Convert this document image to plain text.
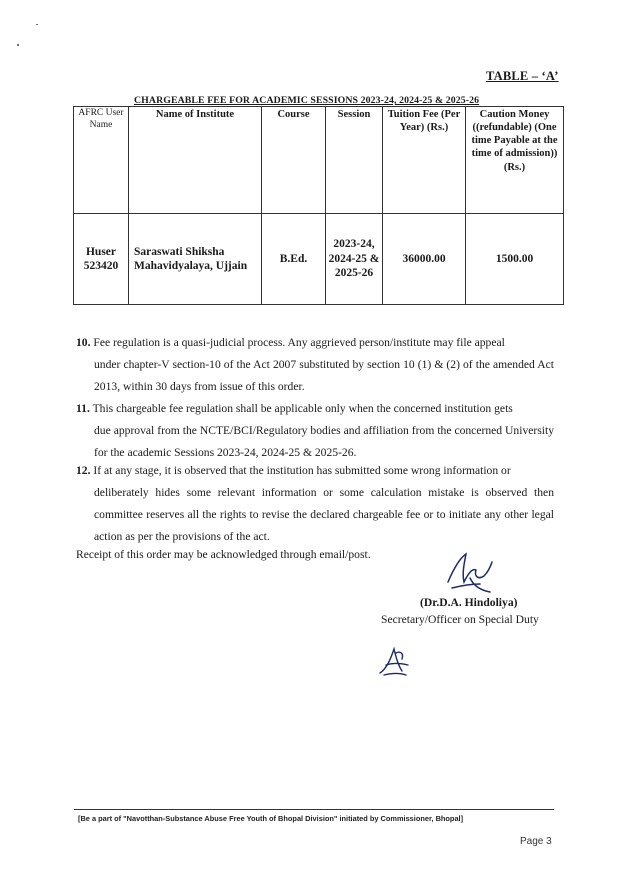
TABLE – ‘A’
CHARGEABLE FEE FOR ACADEMIC SESSIONS 2023-24, 2024-25 & 2025-26
AFRC User Name	Name of Institute	Course	Session	Tuition Fee (Per Year) (Rs.)	Caution Money ((refundable) (One time Payable at the time of admission)) (Rs.)
Huser 523420	Saraswati Shiksha Mahavidyalaya, Ujjain	B.Ed.	2023-24, 2024-25 & 2025-26	36000.00	1500.00
10. Fee regulation is a quasi-judicial process. Any aggrieved person/institute may file appeal
under chapter-V section-10 of the Act 2007 substituted by section 10 (1) & (2) of the amended Act 2013, within 30 days from issue of this order.
11. This chargeable fee regulation shall be applicable only when the concerned institution gets
due approval from the NCTE/BCI/Regulatory bodies and affiliation from the concerned University for the academic Sessions 2023-24, 2024-25 & 2025-26.
12. If at any stage, it is observed that the institution has submitted some wrong information or
deliberately hides some relevant information or some calculation mistake is observed then committee reserves all the rights to revise the declared chargeable fee or to initiate any other legal action as per the provisions of the act.
Receipt of this order may be acknowledged through email/post.
(Dr.D.A. Hindoliya)
Secretary/Officer on Special Duty
[Be a part of "Navotthan-Substance Abuse Free Youth of Bhopal Division" initiated by Commissioner, Bhopal]
Page 3
